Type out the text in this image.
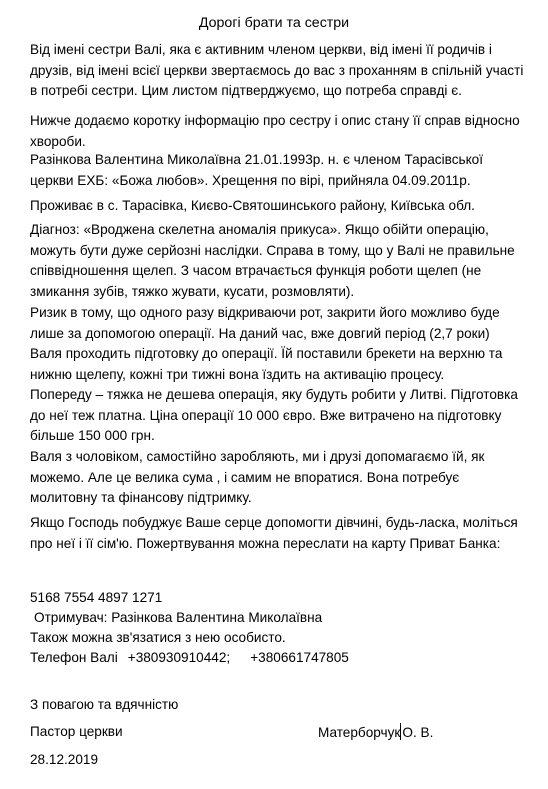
Дорогі брати та сестри
Від імені сестри Валі, яка є активним членом церкви, від імені її родичів і
друзів, від імені всієї церкви звертаємось до вас з проханням в спільній участі
в потребі сестри. Цим листом підтверджуємо, що потреба справді є.
Нижче додаємо коротку інформацію про сестру і опис стану її справ відносно
хвороби.
Разінкова Валентина Миколаївна 21.01.1993р. н. є членом Тарасівської
церкви ЕХБ: «Божа любов». Хрещення по вірі, прийняла 04.09.2011р.
Проживає в с. Тарасівка, Києво-Святошинського району, Київська обл.
Діагноз: «Вроджена скелетна аномалія прикуса». Якщо обійти операцію,
можуть бути дуже серйозні наслідки. Справа в тому, що у Валі не правильне
співвідношення щелеп. З часом втрачається функція роботи щелеп (не
змикання зубів, тяжко жувати, кусати, розмовляти).
Ризик в тому, що одного разу відкриваючи рот, закрити його можливо буде
лише за допомогою операції. На даний час, вже довгий період (2,7 роки)
Валя проходить підготовку до операції. Їй поставили брекети на верхню та
нижню щелепу, кожні три тижні вона їздить на активацію процесу.
Попереду – тяжка не дешева операція, яку будуть робити у Литві. Підготовка
до неї теж платна. Ціна операції 10 000 євро. Вже витрачено на підготовку
більше 150 000 грн.
Валя з чоловіком, самостійно заробляють, ми і друзі допомагаємо їй, як
можемо. Але це велика сума , і самим не впоратися. Вона потребує
молитовну та фінансову підтримку.
Якщо Господь побуджує Ваше серце допомогти дівчині, будь-ласка, моліться
про неї і її сім'ю. Пожертвування можна переслати на карту Приват Банка:
5168 7554 4897 1271
Отримувач: Разінкова Валентина Миколаївна
Також можна зв'язатися з нею особисто.
Телефон Валі +380930910442; +380661747805
З повагою та вдячністю
Пастор церкви	Матерборчук О. В.
28.12.2019
